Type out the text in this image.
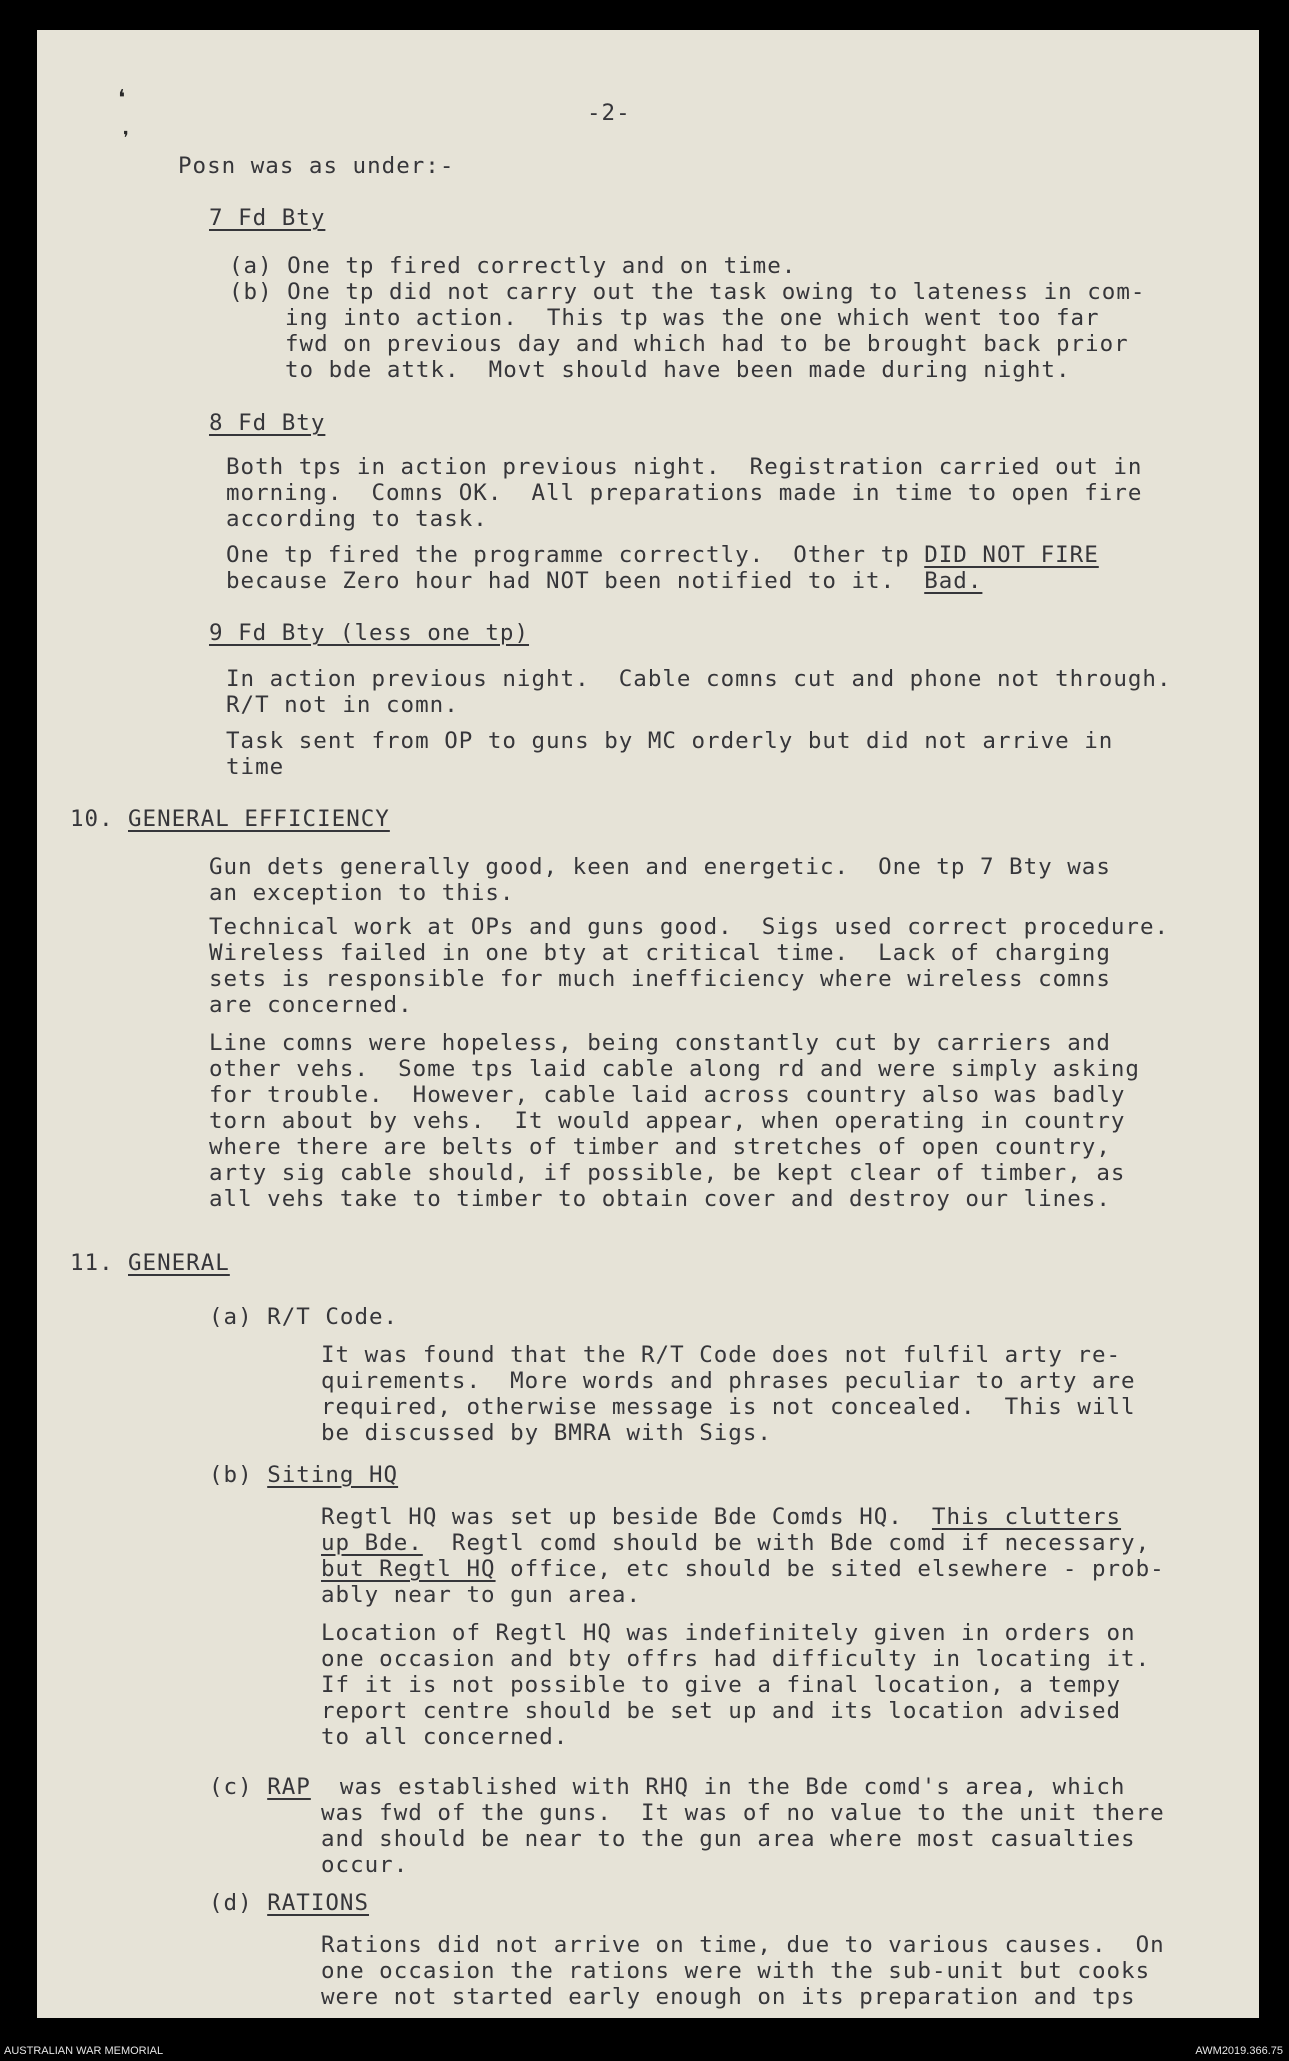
❛
❜
-2-
Posn was as under:-
7 Fd Bty
(a) One tp fired correctly and on time.
(b) One tp did not carry out the task owing to lateness in com-
ing into action.  This tp was the one which went too far
fwd on previous day and which had to be brought back prior
to bde attk.  Movt should have been made during night.
8 Fd Bty
Both tps in action previous night.  Registration carried out in
morning.  Comns OK.  All preparations made in time to open fire
according to task.
One tp fired the programme correctly.  Other tp DID NOT FIRE
because Zero hour had NOT been notified to it.  Bad.
9 Fd Bty (less one tp)
In action previous night.  Cable comns cut and phone not through.
R/T not in comn.
Task sent from OP to guns by MC orderly but did not arrive in
time
10. GENERAL EFFICIENCY
Gun dets generally good, keen and energetic.  One tp 7 Bty was
an exception to this.
Technical work at OPs and guns good.  Sigs used correct procedure.
Wireless failed in one bty at critical time.  Lack of charging
sets is responsible for much inefficiency where wireless comns
are concerned.
Line comns were hopeless, being constantly cut by carriers and
other vehs.  Some tps laid cable along rd and were simply asking
for trouble.  However, cable laid across country also was badly
torn about by vehs.  It would appear, when operating in country
where there are belts of timber and stretches of open country,
arty sig cable should, if possible, be kept clear of timber, as
all vehs take to timber to obtain cover and destroy our lines.
11. GENERAL
(a) R/T Code.
It was found that the R/T Code does not fulfil arty re-
quirements.  More words and phrases peculiar to arty are
required, otherwise message is not concealed.  This will
be discussed by BMRA with Sigs.
(b) Siting HQ
Regtl HQ was set up beside Bde Comds HQ.  This clutters
up Bde.  Regtl comd should be with Bde comd if necessary,
but Regtl HQ office, etc should be sited elsewhere - prob-
ably near to gun area.
Location of Regtl HQ was indefinitely given in orders on
one occasion and bty offrs had difficulty in locating it.
If it is not possible to give a final location, a tempy
report centre should be set up and its location advised
to all concerned.
(c) RAP  was established with RHQ in the Bde comd's area, which
was fwd of the guns.  It was of no value to the unit there
and should be near to the gun area where most casualties
occur.
(d) RATIONS
Rations did not arrive on time, due to various causes.  On
one occasion the rations were with the sub-unit but cooks
were not started early enough on its preparation and tps
AUSTRALIAN WAR MEMORIAL	AWM2019.366.75
